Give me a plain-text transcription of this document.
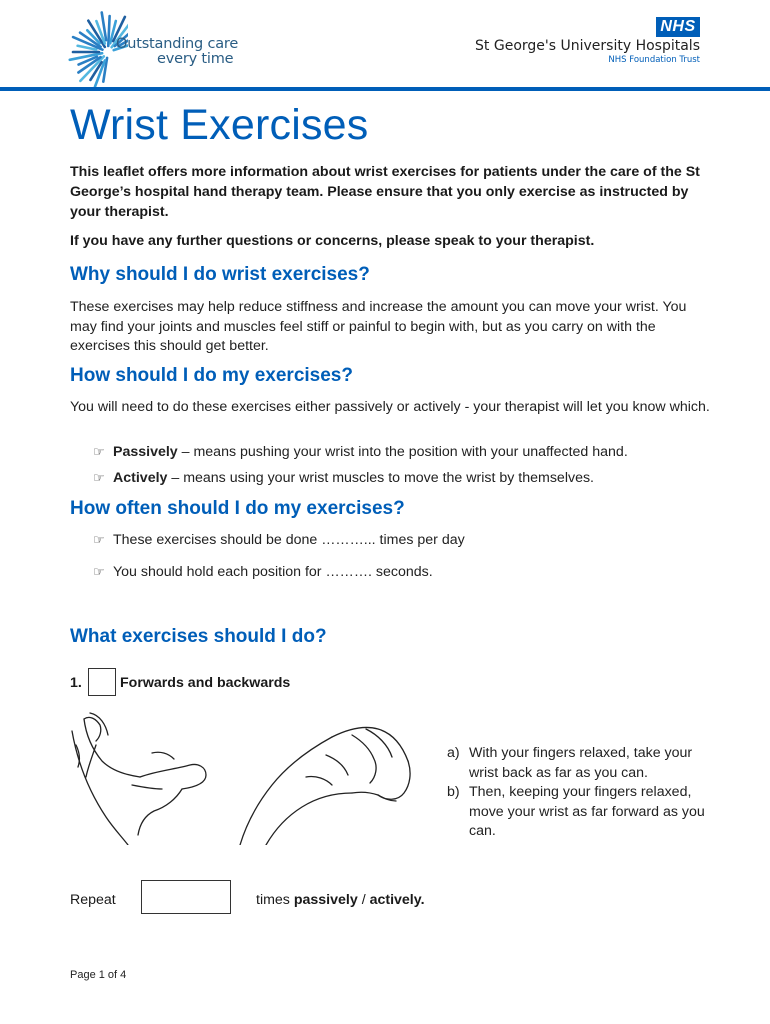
Outstanding care
every time
NHS
St George's University Hospitals
NHS Foundation Trust
Wrist Exercises

This leaflet offers more information about wrist exercises for patients under the care of the St George’s hospital hand therapy team. Please ensure that you only exercise as instructed by your therapist.

If you have any further questions or concerns, please speak to your therapist.

Why should I do wrist exercises?

These exercises may help reduce stiffness and increase the amount you can move your wrist. You may find your joints and muscles feel stiff or painful to begin with, but as you carry on with the exercises this should get better.

How should I do my exercises?

You will need to do these exercises either passively or actively - your therapist will let you know which.

☞ Passively – means pushing your wrist into the position with your unaffected hand.
☞ Actively – means using your wrist muscles to move the wrist by themselves.
How often should I do my exercises?
☞ These exercises should be done ………... times per day
☞ You should hold each position for ………. seconds.
What exercises should I do?
1.	Forwards and backwards
a) With your fingers relaxed, take your wrist back as far as you can.
b) Then, keeping your fingers relaxed, move your wrist as far forward as you can.
Repeat	times passively / actively.
Page 1 of 4
